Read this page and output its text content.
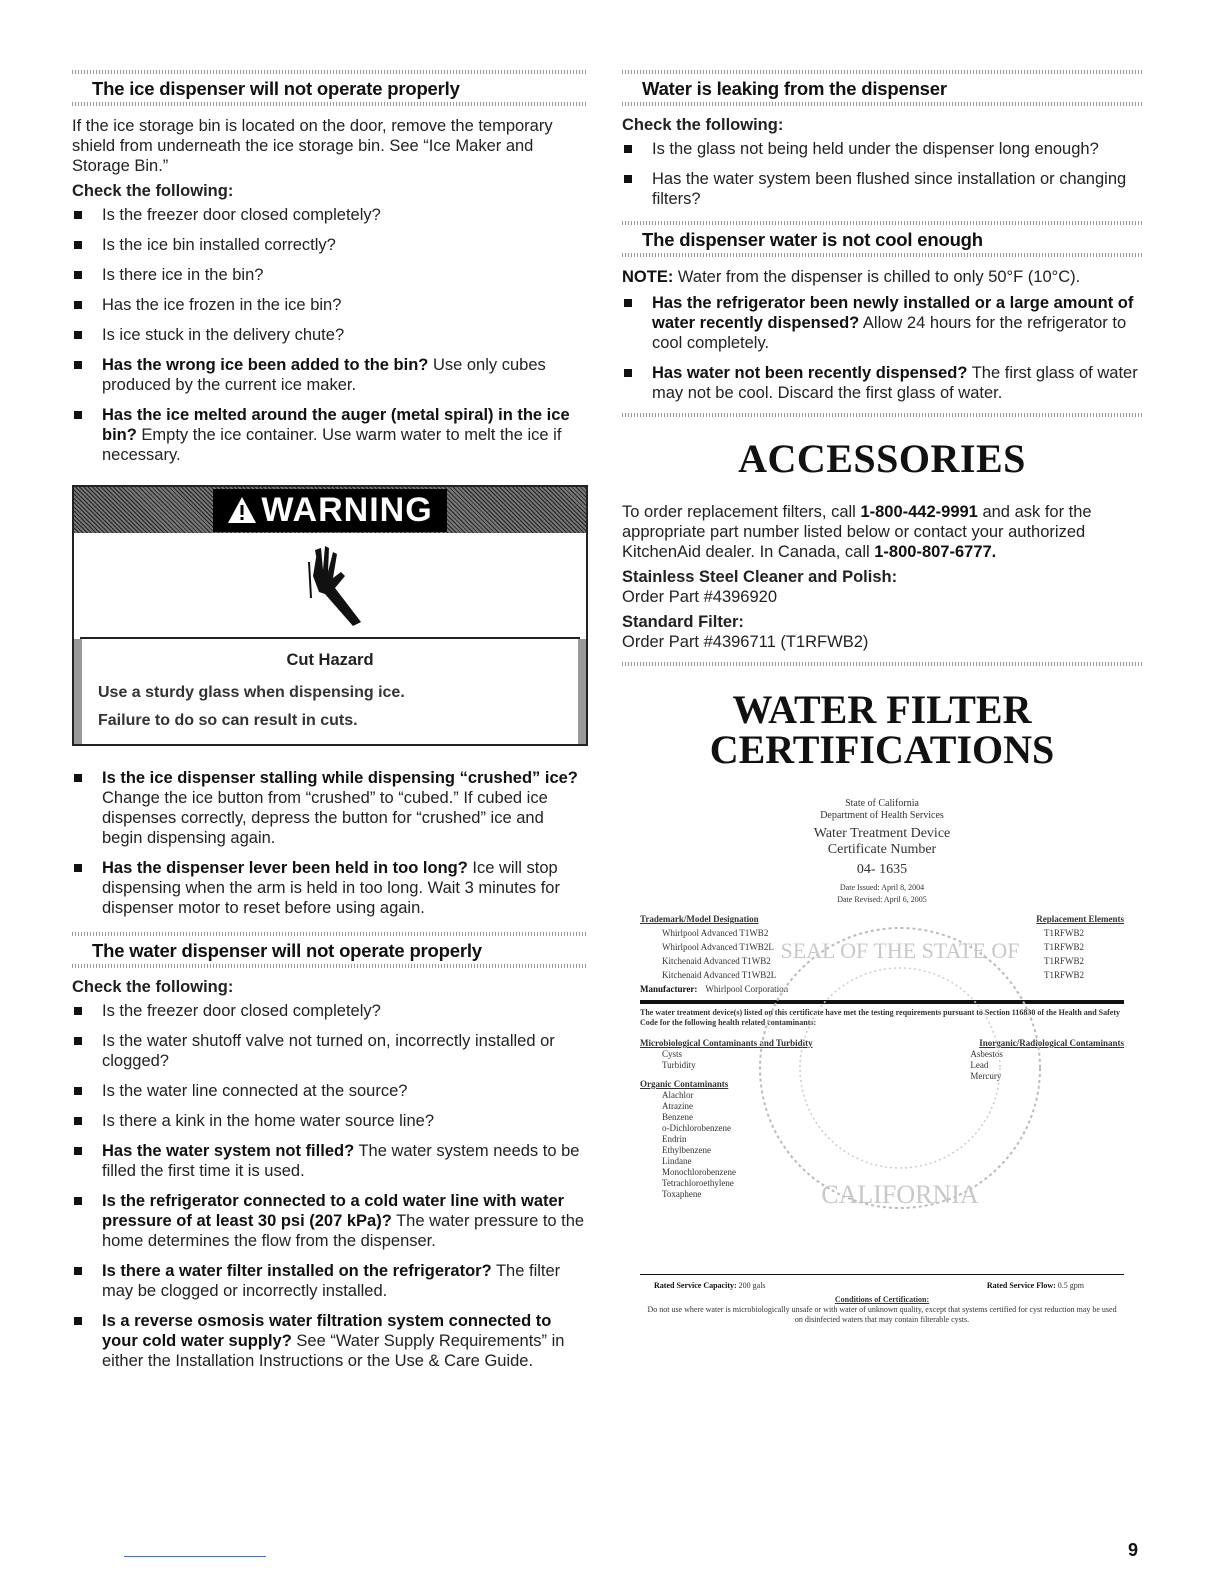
The ice dispenser will not operate properly

If the ice storage bin is located on the door, remove the temporary shield from underneath the ice storage bin. See “Ice Maker and Storage Bin.”

Check the following:
Is the freezer door closed completely?
Is the ice bin installed correctly?
Is there ice in the bin?
Has the ice frozen in the ice bin?
Is ice stuck in the delivery chute?
Has the wrong ice been added to the bin? Use only cubes produced by the current ice maker.
Has the ice melted around the auger (metal spiral) in the ice bin? Empty the ice container. Use warm water to melt the ice if necessary.
WARNING
Cut Hazard
Use a sturdy glass when dispensing ice.
Failure to do so can result in cuts.
Is the ice dispenser stalling while dispensing “crushed” ice? Change the ice button from “crushed” to “cubed.” If cubed ice dispenses correctly, depress the button for “crushed” ice and begin dispensing again.
Has the dispenser lever been held in too long? Ice will stop dispensing when the arm is held in too long. Wait 3 minutes for dispenser motor to reset before using again.
The water dispenser will not operate properly
Check the following:
Is the freezer door closed completely?
Is the water shutoff valve not turned on, incorrectly installed or clogged?
Is the water line connected at the source?
Is there a kink in the home water source line?
Has the water system not filled? The water system needs to be filled the first time it is used.
Is the refrigerator connected to a cold water line with water pressure of at least 30 psi (207 kPa)? The water pressure to the home determines the flow from the dispenser.
Is there a water filter installed on the refrigerator? The filter may be clogged or incorrectly installed.
Is a reverse osmosis water filtration system connected to your cold water supply? See “Water Supply Requirements” in either the Installation Instructions or the Use & Care Guide.
Water is leaking from the dispenser
Check the following:
Is the glass not being held under the dispenser long enough?
Has the water system been flushed since installation or changing filters?
The dispenser water is not cool enough

NOTE: Water from the dispenser is chilled to only 50°F (10°C).

Has the refrigerator been newly installed or a large amount of water recently dispensed? Allow 24 hours for the refrigerator to cool completely.
Has water not been recently dispensed? The first glass of water may not be cool. Discard the first glass of water.
ACCESSORIES

To order replacement filters, call 1-800-442-9991 and ask for the appropriate part number listed below or contact your authorized KitchenAid dealer. In Canada, call 1-800-807-6777.

Stainless Steel Cleaner and Polish:

Order Part #4396920

Standard Filter:

Order Part #4396711 (T1RFWB2)

WATER FILTER
CERTIFICATIONS
SEAL OF THE STATE OF
CALIFORNIA
State of California
Department of Health Services
Water Treatment Device
Certificate Number
04- 1635
Date Issued: April 8, 2004
Date Revised: April 6, 2005
Trademark/Model Designation	Replacement Elements
Whirlpool Advanced T1WB2	T1RFWB2
Whirlpool Advanced T1WB2L	T1RFWB2
Kitchenaid Advanced T1WB2	T1RFWB2
Kitchenaid Advanced T1WB2L	T1RFWB2
Manufacturer: Whirlpool Corporation
The water treatment device(s) listed on this certificate have met the testing requirements pursuant to Section 116830 of the Health and Safety Code for the following health related contaminants:
Microbiological Contaminants and Turbidity
Cysts
Turbidity
Organic Contaminants
Alachlor
Atrazine
Benzene
o-Dichlorobenzene
Endrin
Ethylbenzene
Lindane
Monochlorobenzene
Tetrachloroethylene
Toxaphene
Inorganic/Radiological Contaminants
Asbestos
Lead
Mercury
Rated Service Capacity: 200 gals	Rated Service Flow: 0.5 gpm
Conditions of Certification:
Do not use where water is microbiologically unsafe or with water of unknown quality, except that systems certified for cyst reduction may be used on disinfected waters that may contain filterable cysts.
9
